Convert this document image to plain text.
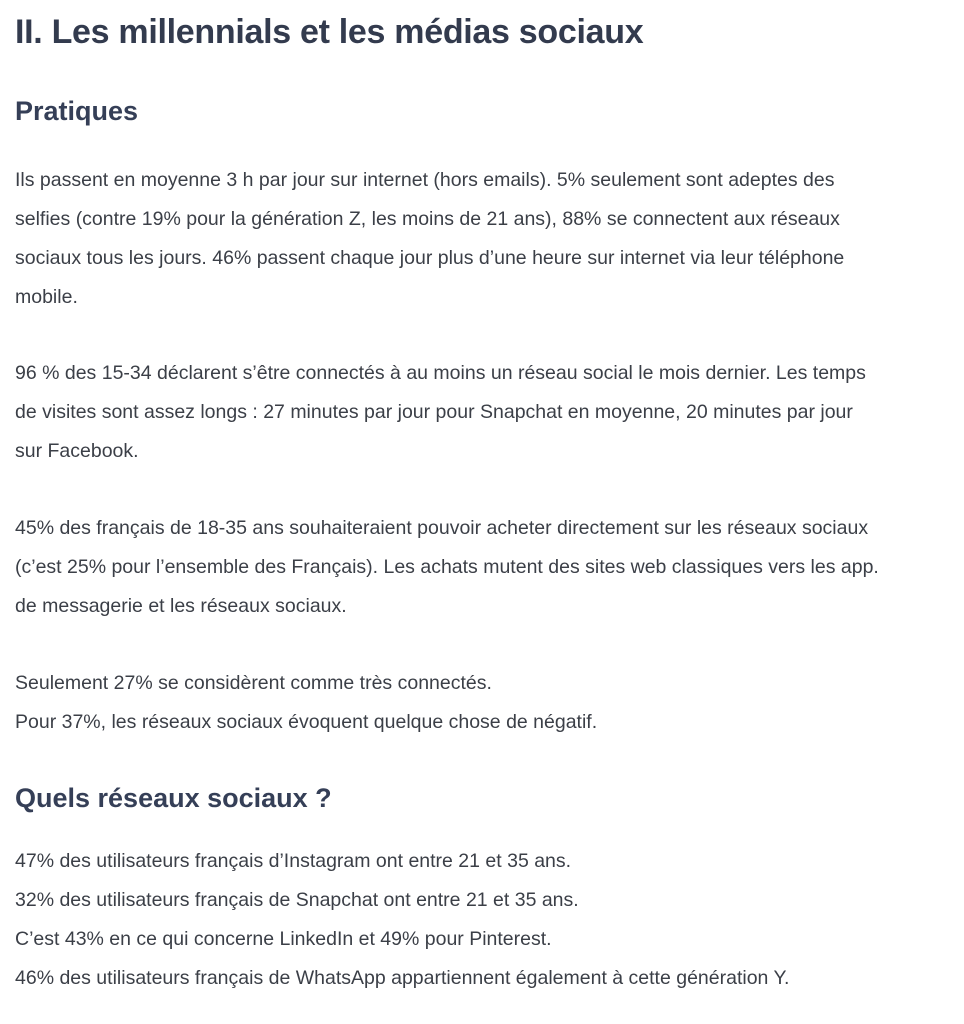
II. Les millennials et les médias sociaux
Pratiques

Ils passent en moyenne 3 h par jour sur internet (hors emails). 5% seulement sont adeptes des
selfies (contre 19% pour la génération Z, les moins de 21 ans), 88% se connectent aux réseaux
sociaux tous les jours. 46% passent chaque jour plus d’une heure sur internet via leur téléphone
mobile.

96 % des 15-34 déclarent s’être connectés à au moins un réseau social le mois dernier. Les temps
de visites sont assez longs : 27 minutes par jour pour Snapchat en moyenne, 20 minutes par jour
sur Facebook.

45% des français de 18-35 ans souhaiteraient pouvoir acheter directement sur les réseaux sociaux
(c’est 25% pour l’ensemble des Français). Les achats mutent des sites web classiques vers les app.
de messagerie et les réseaux sociaux.

Seulement 27% se considèrent comme très connectés.
Pour 37%, les réseaux sociaux évoquent quelque chose de négatif.

Quels réseaux sociaux ?

47% des utilisateurs français d’Instagram ont entre 21 et 35 ans.
32% des utilisateurs français de Snapchat ont entre 21 et 35 ans.
C’est 43% en ce qui concerne LinkedIn et 49% pour Pinterest.
46% des utilisateurs français de WhatsApp appartiennent également à cette génération Y.
